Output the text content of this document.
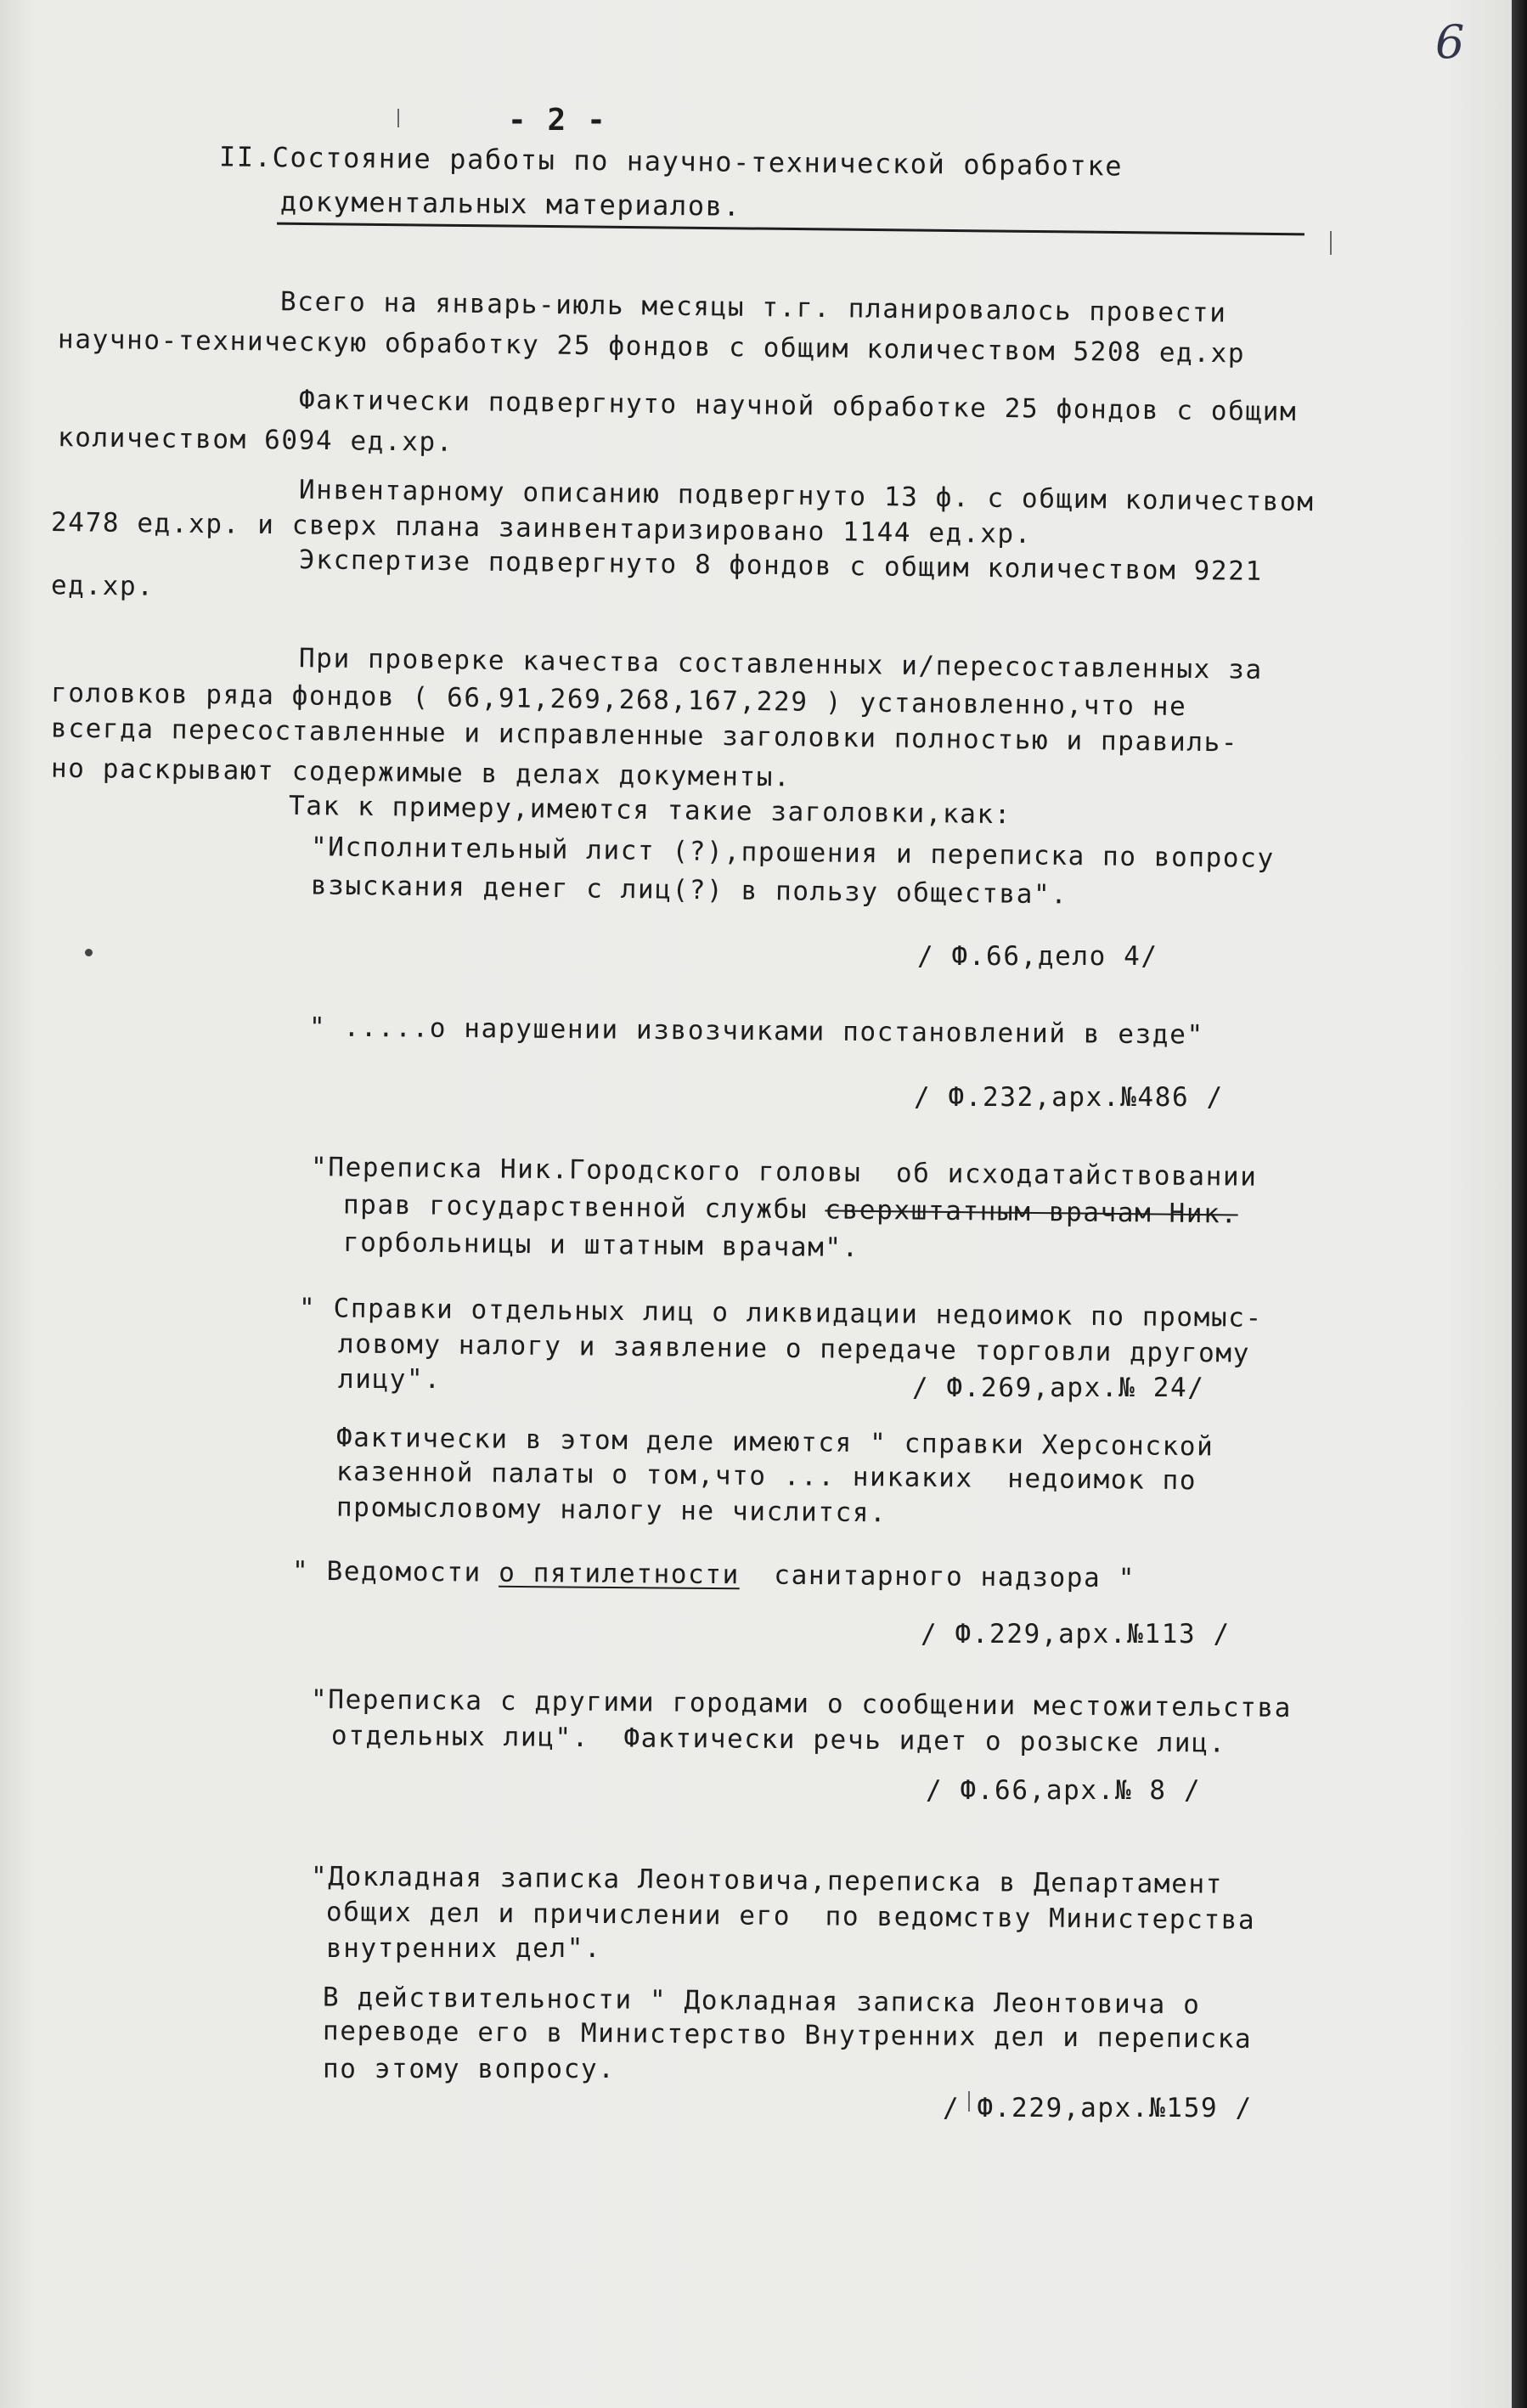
6
- 2 -
II.Состояние работы по научно-технической обработке
документальных материалов.
Всего на январь-июль месяцы т.г. планировалось провести
научно-техническую обработку 25 фондов с общим количеством 5208 ед.хр
Фактически подвергнуто научной обработке 25 фондов с общим
количеством 6094 ед.хр.
Инвентарному описанию подвергнуто 13 ф. с общим количеством
2478 ед.хр. и сверх плана заинвентаризировано 1144 ед.хр.
Экспертизе подвергнуто 8 фондов с общим количеством 9221
ед.хр.
При проверке качества составленных и/пересоставленных за
головков ряда фондов ( 66,91,269,268,167,229 ) установленно,что не
всегда пересоставленные и исправленные заголовки полностью и правиль-
но раскрывают содержимые в делах документы.
Так к примеру,имеются такие заголовки,как:
"Исполнительный лист (?),прошения и переписка по вопросу
взыскания денег с лиц(?) в пользу общества".
/ Ф.66,дело 4/
" .....о нарушении извозчиками постановлений в езде"
/ Ф.232,арх.№486 /
"Переписка Ник.Городского головы  об исходатайствовании
прав государственной службы сверхштатным врачам Ник.
горбольницы и штатным врачам".
" Справки отдельных лиц о ликвидации недоимок по промыс-
ловому налогу и заявление о передаче торговли другому
лицу".	/ Ф.269,арх.№ 24/
Фактически в этом деле имеются " справки Херсонской
казенной палаты о том,что ... никаких  недоимок по
промысловому налогу не числится.
" Ведомости о пятилетности  санитарного надзора "
/ Ф.229,арх.№113 /
"Переписка с другими городами о сообщении местожительства
отдельных лиц".  Фактически речь идет о розыске лиц.
/ Ф.66,арх.№ 8 /
"Докладная записка Леонтовича,переписка в Департамент
общих дел и причислении его  по ведомству Министерства
внутренних дел".
В действительности " Докладная записка Леонтовича о
переводе его в Министерство Внутренних дел и переписка
по этому вопросу.
/ Ф.229,арх.№159 /
